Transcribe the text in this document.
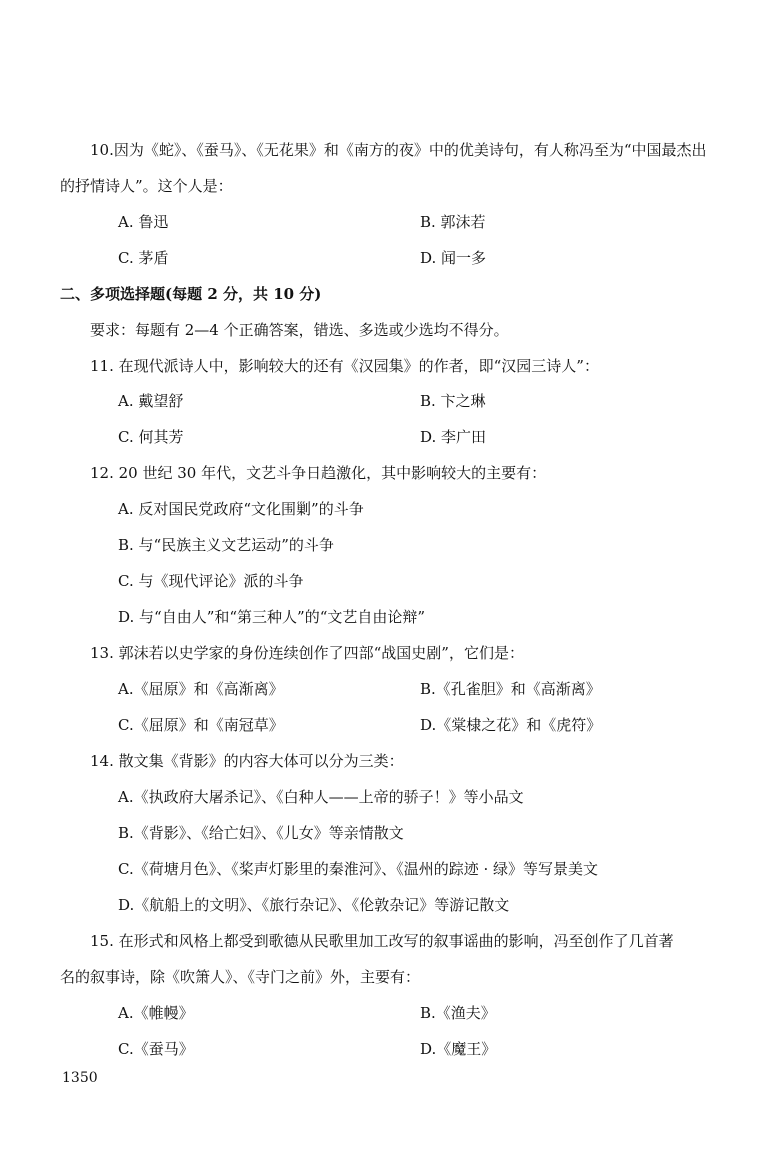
10.因为《蛇》、《蚕马》、《无花果》和《南方的夜》中的优美诗句，有人称冯至为“中国最杰出
的抒情诗人”。这个人是：
A. 鲁迅	B. 郭沫若
C. 茅盾	D. 闻一多
二、多项选择题(每题 2 分，共 10 分)
要求：每题有 2—4 个正确答案，错选、多选或少选均不得分。
11. 在现代派诗人中，影响较大的还有《汉园集》的作者，即“汉园三诗人”：
A. 戴望舒	B. 卞之琳
C. 何其芳	D. 李广田
12. 20 世纪 30 年代，文艺斗争日趋激化，其中影响较大的主要有：
A. 反对国民党政府“文化围剿”的斗争
B. 与“民族主义文艺运动”的斗争
C. 与《现代评论》派的斗争
D. 与“自由人”和“第三种人”的“文艺自由论辩”
13. 郭沫若以史学家的身份连续创作了四部“战国史剧”，它们是：
A.《屈原》和《高渐离》	B.《孔雀胆》和《高渐离》
C.《屈原》和《南冠草》	D.《棠棣之花》和《虎符》
14. 散文集《背影》的内容大体可以分为三类：
A.《执政府大屠杀记》、《白种人——上帝的骄子！》等小品文
B.《背影》、《给亡妇》、《儿女》等亲情散文
C.《荷塘月色》、《桨声灯影里的秦淮河》、《温州的踪迹 · 绿》等写景美文
D.《航船上的文明》、《旅行杂记》、《伦敦杂记》等游记散文
15. 在形式和风格上都受到歌德从民歌里加工改写的叙事谣曲的影响，冯至创作了几首著
名的叙事诗，除《吹箫人》、《寺门之前》外，主要有：
A.《帷幔》	B.《渔夫》
C.《蚕马》	D.《魔王》
1350
